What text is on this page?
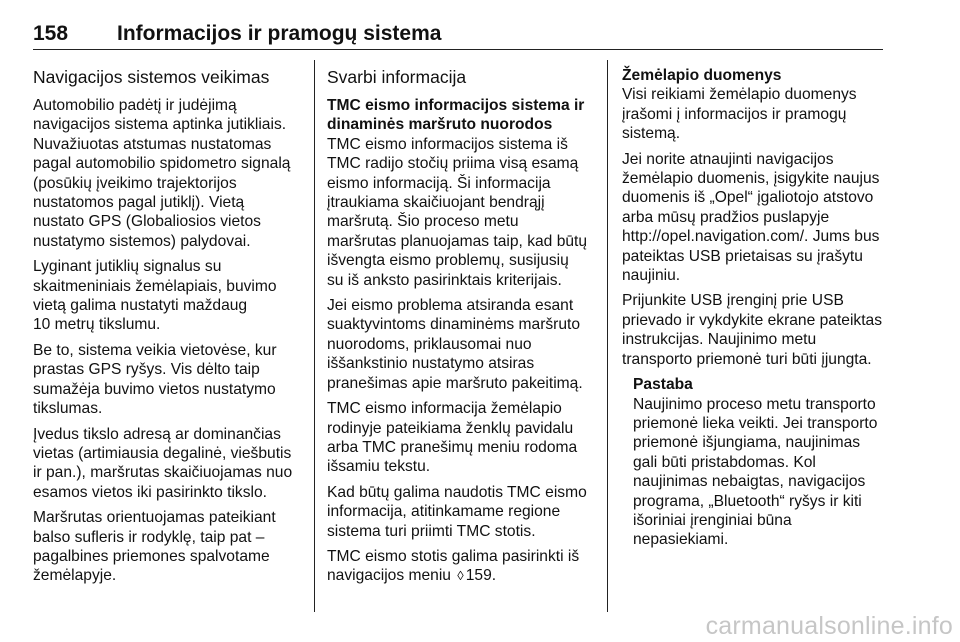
158	Informacijos ir pramogų sistema
Navigacijos sistemos veikimas

Automobilio padėtį ir judėjimą
navigacijos sistema aptinka jutikliais.
Nuvažiuotas atstumas nustatomas
pagal automobilio spidometro signalą
(posūkių įveikimo trajektorijos
nustatomos pagal jutiklį). Vietą
nustato GPS (Globaliosios vietos
nustatymo sistemos) palydovai.

Lyginant jutiklių signalus su
skaitmeniniais žemėlapiais, buvimo
vietą galima nustatyti maždaug
10 metrų tikslumu.

Be to, sistema veikia vietovėse, kur
prastas GPS ryšys. Vis dėlto taip
sumažėja buvimo vietos nustatymo
tikslumas.

Įvedus tikslo adresą ar dominančias
vietas (artimiausia degalinė, viešbutis
ir pan.), maršrutas skaičiuojamas nuo
esamos vietos iki pasirinkto tikslo.

Maršrutas orientuojamas pateikiant
balso sufleris ir rodyklę, taip pat –
pagalbines priemones spalvotame
žemėlapyje.

Svarbi informacija
TMC eismo informacijos sistema ir
dinaminės maršruto nuorodos

TMC eismo informacijos sistema iš
TMC radijo stočių priima visą esamą
eismo informaciją. Ši informacija
įtraukiama skaičiuojant bendrąjį
maršrutą. Šio proceso metu
maršrutas planuojamas taip, kad būtų
išvengta eismo problemų, susijusių
su iš anksto pasirinktais kriterijais.

Jei eismo problema atsiranda esant
suaktyvintoms dinaminėms maršruto
nuorodoms, priklausomai nuo
iššankstinio nustatymo atsiras
pranešimas apie maršruto pakeitimą.

TMC eismo informacija žemėlapio
rodinyje pateikiama ženklų pavidalu
arba TMC pranešimų meniu rodoma
išsamiu tekstu.

Kad būtų galima naudotis TMC eismo
informacija, atitinkamame regione
sistema turi priimti TMC stotis.

TMC eismo stotis galima pasirinkti iš
navigacijos meniu ◊ 159.

Žemėlapio duomenys

Visi reikiami žemėlapio duomenys
įrašomi į informacijos ir pramogų
sistemą.

Jei norite atnaujinti navigacijos
žemėlapio duomenis, įsigykite naujus
duomenis iš „Opel“ įgaliotojo atstovo
arba mūsų pradžios puslapyje
http://opel.navigation.com/. Jums bus
pateiktas USB prietaisas su įrašytu
naujiniu.

Prijunkite USB įrenginį prie USB
prievado ir vykdykite ekrane pateiktas
instrukcijas. Naujinimo metu
transporto priemonė turi būti įjungta.

Pastaba

Naujinimo proceso metu transporto
priemonė lieka veikti. Jei transporto
priemonė išjungiama, naujinimas
gali būti pristabdomas. Kol
naujinimas nebaigtas, navigacijos
programa, „Bluetooth“ ryšys ir kiti
išoriniai įrenginiai būna
nepasiekiami.

carmanualsonline.info
